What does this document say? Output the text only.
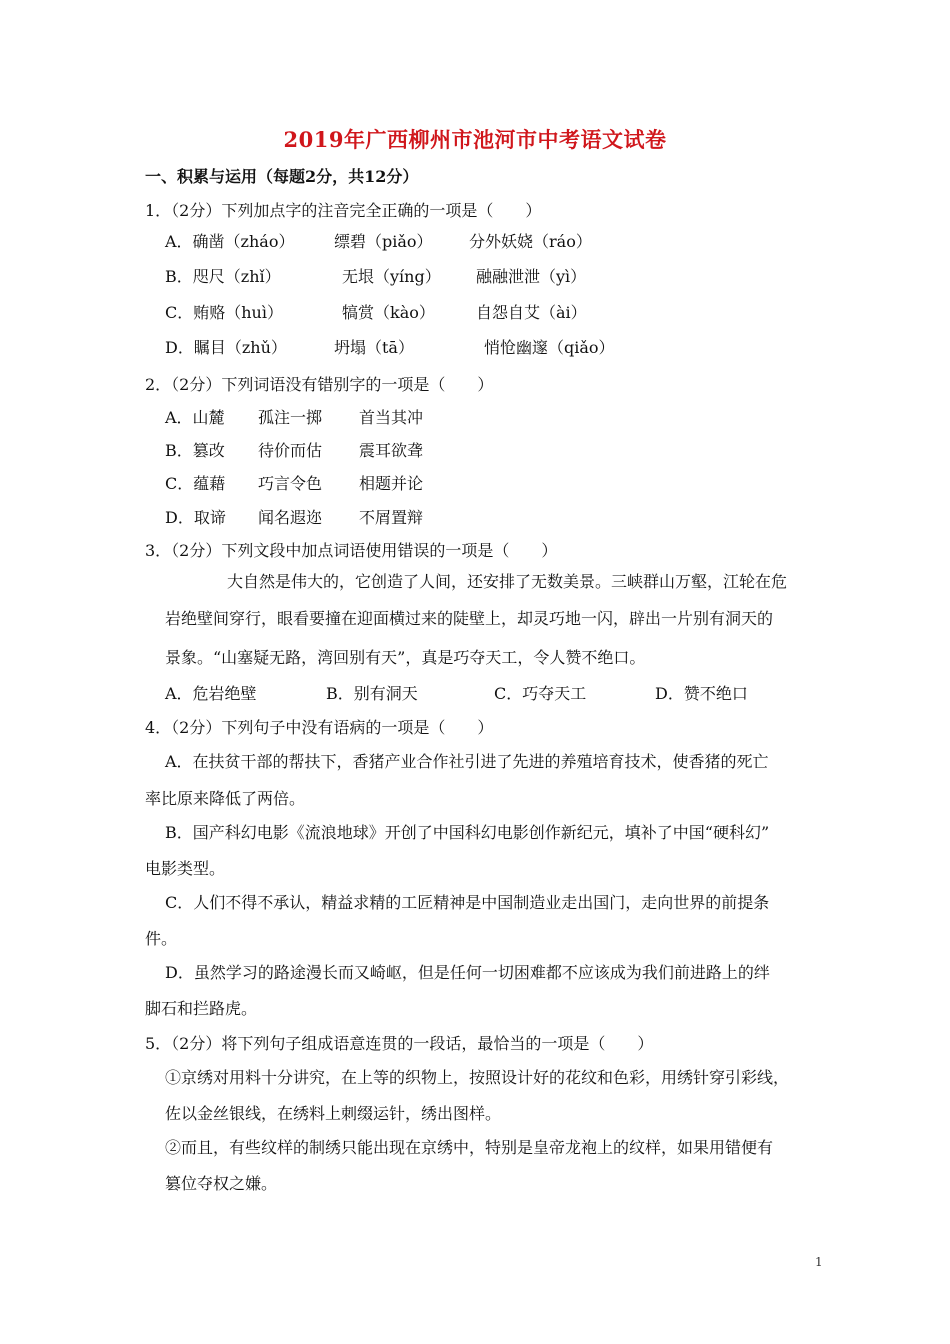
2019年广西柳州市池河市中考语文试卷
一、积累与运用（每题2分，共12分）
1．（2分）下列加点字的注音完全正确的一项是（　　）
A．确凿（zháo） 缥碧（piǎo） 分外妖娆（ráo）
B．咫尺（zhǐ）	无垠（yíng） 融融泄泄（yì）
C．贿赂（huì）	犒赏（kào）	自怨自艾（ài）
D．瞩目（zhǔ）	坍塌（tā）	悄怆幽邃（qiǎo）
2．（2分）下列词语没有错别字的一项是（　　）
A．山麓 孤注一掷 首当其冲
B．篡改 待价而估 震耳欲聋
C．蕴藉 巧言令色 相题并论
D．取谛 闻名遐迩 不屑置辩
3．（2分）下列文段中加点词语使用错误的一项是（　　）
大自然是伟大的，它创造了人间，还安排了无数美景。三峡群山万壑，江轮在危
岩绝壁间穿行，眼看要撞在迎面横过来的陡壁上，却灵巧地一闪，辟出一片别有洞天的
景象。“山塞疑无路，湾回别有天”，真是巧夺天工，令人赞不绝口。
A．危岩绝壁	B．别有洞天	C．巧夺天工	D．赞不绝口
4．（2分）下列句子中没有语病的一项是（　　）
A．在扶贫干部的帮扶下，香猪产业合作社引进了先进的养殖培育技术，使香猪的死亡
率比原来降低了两倍。
B．国产科幻电影《流浪地球》开创了中国科幻电影创作新纪元，填补了中国“硬科幻”
电影类型。
C．人们不得不承认，精益求精的工匠精神是中国制造业走出国门，走向世界的前提条
件。
D．虽然学习的路途漫长而又崎岖，但是任何一切困难都不应该成为我们前进路上的绊
脚石和拦路虎。
5．（2分）将下列句子组成语意连贯的一段话，最恰当的一项是（　　）
①京绣对用料十分讲究，在上等的织物上，按照设计好的花纹和色彩，用绣针穿引彩线，
佐以金丝银线，在绣料上刺缀运针，绣出图样。
②而且，有些纹样的制绣只能出现在京绣中，特别是皇帝龙袍上的纹样，如果用错便有
篡位夺权之嫌。
1
